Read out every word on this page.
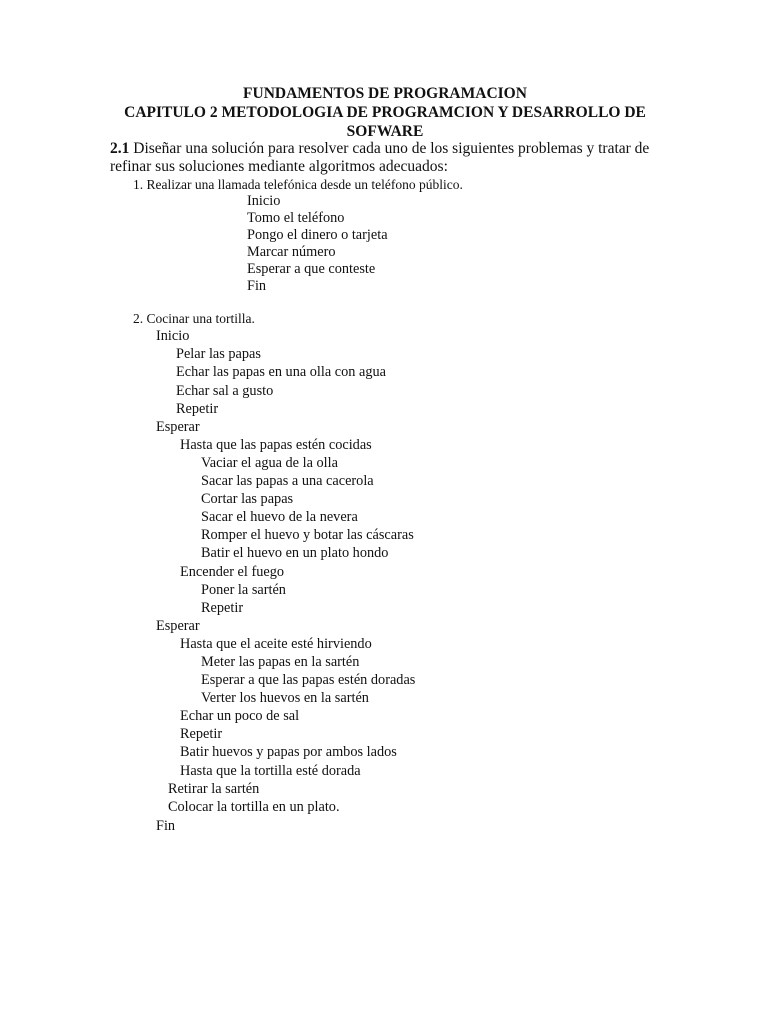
FUNDAMENTOS DE PROGRAMACION
CAPITULO 2 METODOLOGIA DE PROGRAMCION Y DESARROLLO DE SOFWARE
2.1 Diseñar una solución para resolver cada uno de los siguientes problemas y tratar de refinar sus soluciones mediante algoritmos adecuados:
1. Realizar una llamada telefónica desde un teléfono público.
Inicio
Tomo el teléfono
Pongo el dinero o tarjeta
Marcar número
Esperar a que conteste
Fin
2. Cocinar una tortilla.
Inicio
Pelar las papas
Echar las papas en una olla con agua
Echar sal a gusto
Repetir
Esperar
Hasta que las papas estén cocidas
Vaciar el agua de la olla
Sacar las papas a una cacerola
Cortar las papas
Sacar el huevo de la nevera
Romper el huevo y botar las cáscaras
Batir el huevo en un plato hondo
Encender el fuego
Poner la sartén
Repetir
Esperar
Hasta que el aceite esté hirviendo
Meter las papas en la sartén
Esperar a que las papas estén doradas
Verter los huevos en la sartén
Echar un poco de sal
Repetir
Batir huevos y papas por ambos lados
Hasta que la tortilla esté dorada
Retirar la sartén
Colocar la tortilla en un plato.
Fin
